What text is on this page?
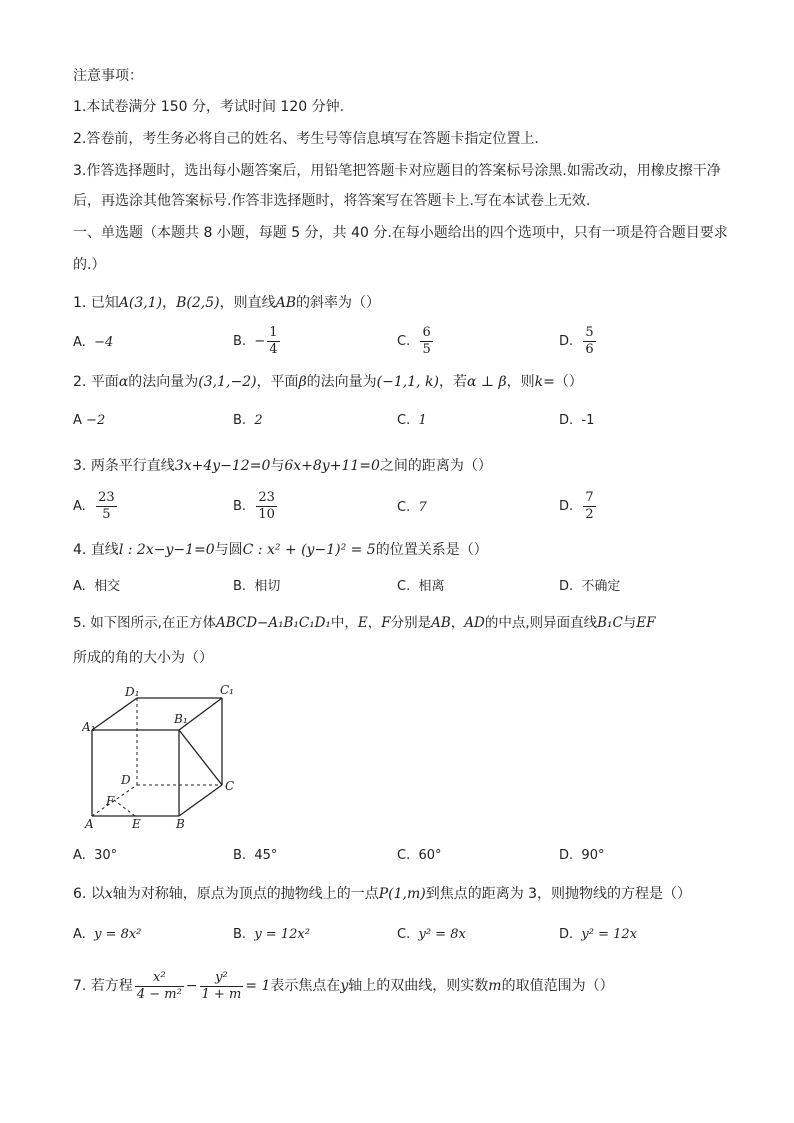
注意事项：
1.本试卷满分 150 分，考试时间 120 分钟.
2.答卷前，考生务必将自己的姓名、考生号等信息填写在答题卡指定位置上.
3.作答选择题时，选出每小题答案后，用铅笔把答题卡对应题目的答案标号涂黑.如需改动，用橡皮擦干净
后，再选涂其他答案标号.作答非选择题时，将答案写在答题卡上.写在本试卷上无效.
一、单选题（本题共 8 小题，每题 5 分，共 40 分.在每小题给出的四个选项中，只有一项是符合题目要求
的.）
1. 已知A(3,1)，B(2,5)，则直线AB的斜率为（）
A. −4	B. − $\frac{1}{4}$	C. $\frac{6}{5}$	D. $\frac{5}{6}$
2. 平面α的法向量为(3,1,−2)，平面β的法向量为(−1,1, k)，若α ⊥ β，则k=（）
A −2	B. 2	C. 1	D. -1
3. 两条平行直线3x+4y−12=0与6x+8y+11=0之间的距离为（）
A. $\frac{23}{5}$	B. $\frac{23}{10}$	C. 7	D. $\frac{7}{2}$
4. 直线l : 2x−y−1=0与圆C : x² + (y−1)² = 5的位置关系是（）
A. 相交	B. 相切	C. 相离	D. 不确定
5. 如下图所示,在正方体ABCD−A₁B₁C₁D₁中，E，F分别是AB，AD的中点,则异面直线B₁C与EF
所成的角的大小为（）
D₁	C₁
A₁
B₁
D	C
F
A	E	B
A. 30°	B. 45°	C. 60°	D. 90°
6. 以x轴为对称轴，原点为顶点的抛物线上的一点P(1,m)到焦点的距离为 3，则抛物线的方程是（）
A. y = 8x²	B. y = 12x²	C. y² = 8x	D. y² = 12x
7. 若方程 $\frac{\text{x²}}{\text{4 − m²}} - \frac{\text{y²}}{1 + m} = 1$表示焦点在y轴上的双曲线，则实数m的取值范围为（）
